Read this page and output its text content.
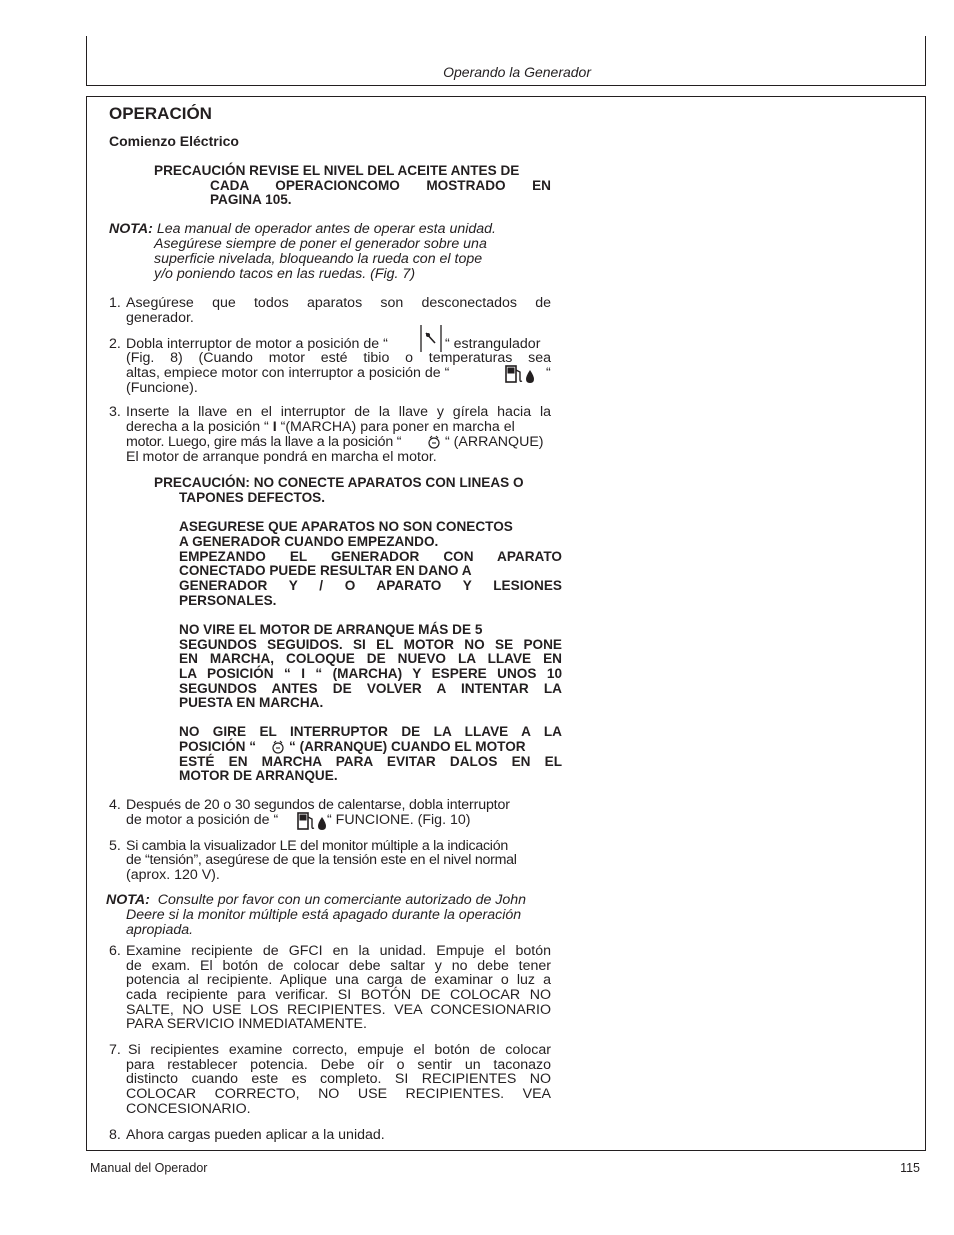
Operando la Generador
OPERACIÓN
Comienzo Eléctrico
PRECAUCIÓN REVISE EL NIVEL DEL ACEITE ANTES DE
CADA OPERACIONCOMO MOSTRADO EN
PAGINA 105.
NOTA: Lea manual de operador antes de operar esta unidad.
Asegúrese siempre de poner el generador sobre una
superficie nivelada, bloqueando la rueda con el tope
y/o poniendo tacos en las ruedas. (Fig. 7)
1. Asegúrese que todos aparatos son desconectados de
generador.
2. Dobla interruptor de motor a posición de “	“ estrangulador
(Fig. 8) (Cuando motor esté tibio o temperaturas sea
altas, empiece motor con interruptor a posición de “	“
(Funcione).
3. Inserte la llave en el interruptor de la llave y gírela hacia la
derecha a la posición “ I “(MARCHA) para poner en marcha el
motor. Luego, gire más la llave a la posición “	“ (ARRANQUE)
El motor de arranque pondrá en marcha el motor.
PRECAUCIÓN: NO CONECTE APARATOS CON LINEAS O
TAPONES DEFECTOS.
ASEGURESE QUE APARATOS NO SON CONECTOS
A GENERADOR CUANDO EMPEZANDO.
EMPEZANDO EL GENERADOR CON APARATO
CONECTADO PUEDE RESULTAR EN DANO A
GENERADOR Y / O APARATO Y LESIONES
PERSONALES.
NO VIRE EL MOTOR DE ARRANQUE MÁS DE 5
SEGUNDOS SEGUIDOS. SI EL MOTOR NO SE PONE
EN MARCHA, COLOQUE DE NUEVO LA LLAVE EN
LA POSICIÓN “ I “ (MARCHA) Y ESPERE UNOS 10
SEGUNDOS ANTES DE VOLVER A INTENTAR LA
PUESTA EN MARCHA.
NO GIRE EL INTERRUPTOR DE LA LLAVE A LA
POSICIÓN “ “ (ARRANQUE) CUANDO EL MOTOR
ESTÉ EN MARCHA PARA EVITAR DALOS EN EL
MOTOR DE ARRANQUE.
4. Después de 20 o 30 segundos de calentarse, dobla interruptor
de motor a posición de “	“ FUNCIONE. (Fig. 10)
5. Si cambia la visualizador LE del monitor múltiple a la indicación
de “tensión”, asegúrese de que la tensión este en el nivel normal
(aprox. 120 V).
NOTA: Consulte por favor con un comerciante autorizado de John
Deere si la monitor múltiple está apagado durante la operación
apropiada.
6. Examine recipiente de GFCI en la unidad. Empuje el botón
de exam. El botón de colocar debe saltar y no debe tener
potencia al recipiente. Aplique una carga de examinar o luz a
cada recipiente para verificar. SI BOTÓN DE COLOCAR NO
SALTE, NO USE LOS RECIPIENTES. VEA CONCESIONARIO
PARA SERVICIO INMEDIATAMENTE.
7. Si recipientes examine correcto, empuje el botón de colocar
para restablecer potencia. Debe oír o sentir un taconazo
distincto cuando este es completo. SI RECIPIENTES NO
COLOCAR CORRECTO, NO USE RECIPIENTES. VEA
CONCESIONARIO.
8. Ahora cargas pueden aplicar a la unidad.
Manual del Operador	115
